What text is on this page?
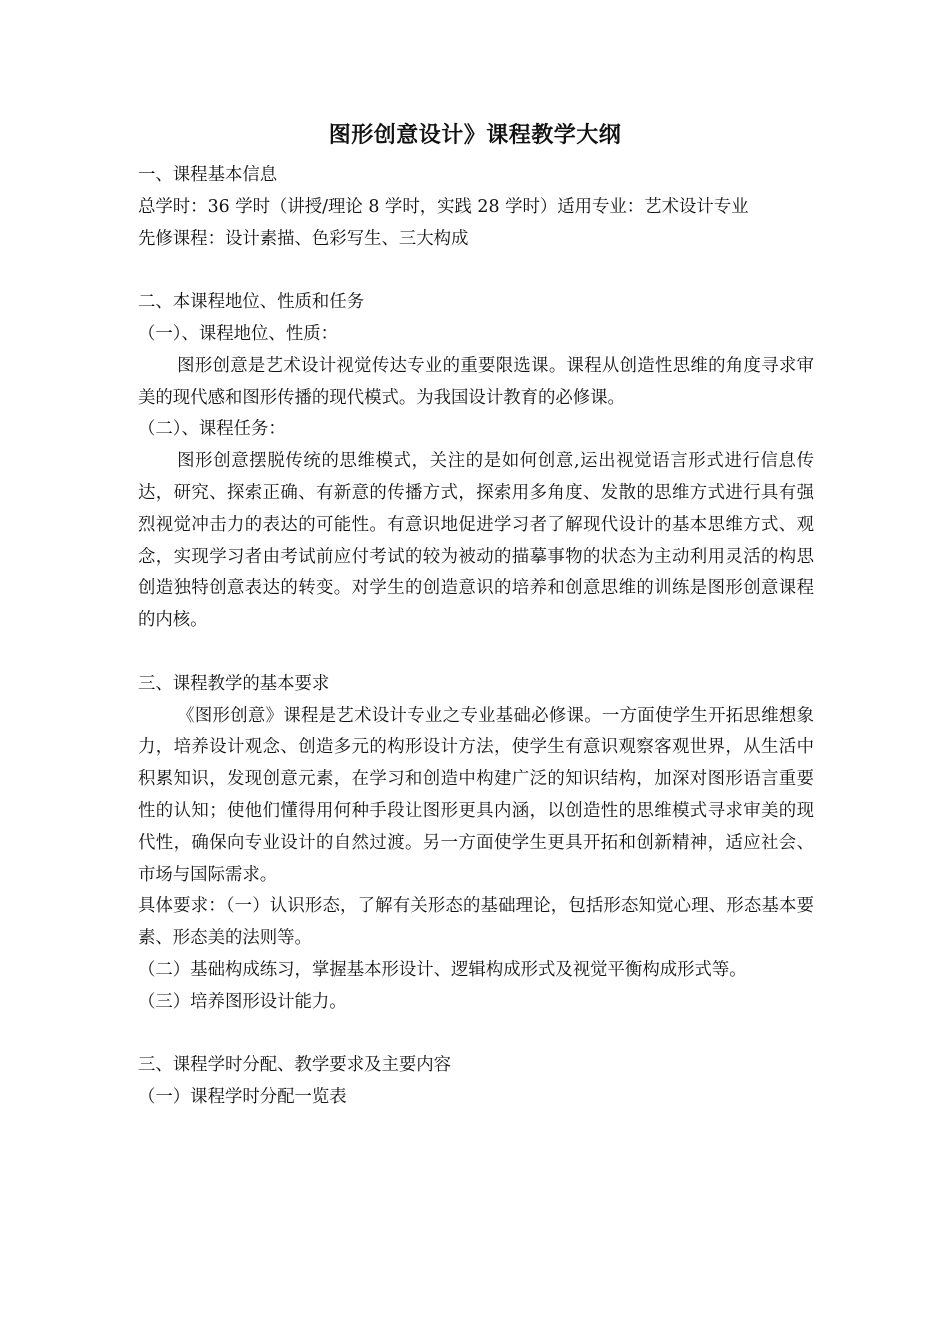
图形创意设计》课程教学大纲
一、课程基本信息
总学时：36 学时（讲授/理论 8 学时，实践 28 学时）适用专业：艺术设计专业
先修课程：设计素描、色彩写生、三大构成
二、本课程地位、性质和任务
（一）、课程地位、性质：
图形创意是艺术设计视觉传达专业的重要限选课。课程从创造性思维的角度寻求审美的现代感和图形传播的现代模式。为我国设计教育的必修课。
（二）、课程任务：
图形创意摆脱传统的思维模式，关注的是如何创意,运出视觉语言形式进行信息传达，研究、探索正确、有新意的传播方式，探索用多角度、发散的思维方式进行具有强烈视觉冲击力的表达的可能性。有意识地促进学习者了解现代设计的基本思维方式、观念，实现学习者由考试前应付考试的较为被动的描摹事物的状态为主动利用灵活的构思创造独特创意表达的转变。对学生的创造意识的培养和创意思维的训练是图形创意课程的内核。
三、课程教学的基本要求
《图形创意》课程是艺术设计专业之专业基础必修课。一方面使学生开拓思维想象力，培养设计观念、创造多元的构形设计方法，使学生有意识观察客观世界，从生活中积累知识，发现创意元素，在学习和创造中构建广泛的知识结构，加深对图形语言重要性的认知；使他们懂得用何种手段让图形更具内涵，以创造性的思维模式寻求审美的现代性，确保向专业设计的自然过渡。另一方面使学生更具开拓和创新精神，适应社会、市场与国际需求。
具体要求：（一）认识形态，了解有关形态的基础理论，包括形态知觉心理、形态基本要素、形态美的法则等。
（二）基础构成练习，掌握基本形设计、逻辑构成形式及视觉平衡构成形式等。
（三）培养图形设计能力。
三、课程学时分配、教学要求及主要内容
（一）课程学时分配一览表
